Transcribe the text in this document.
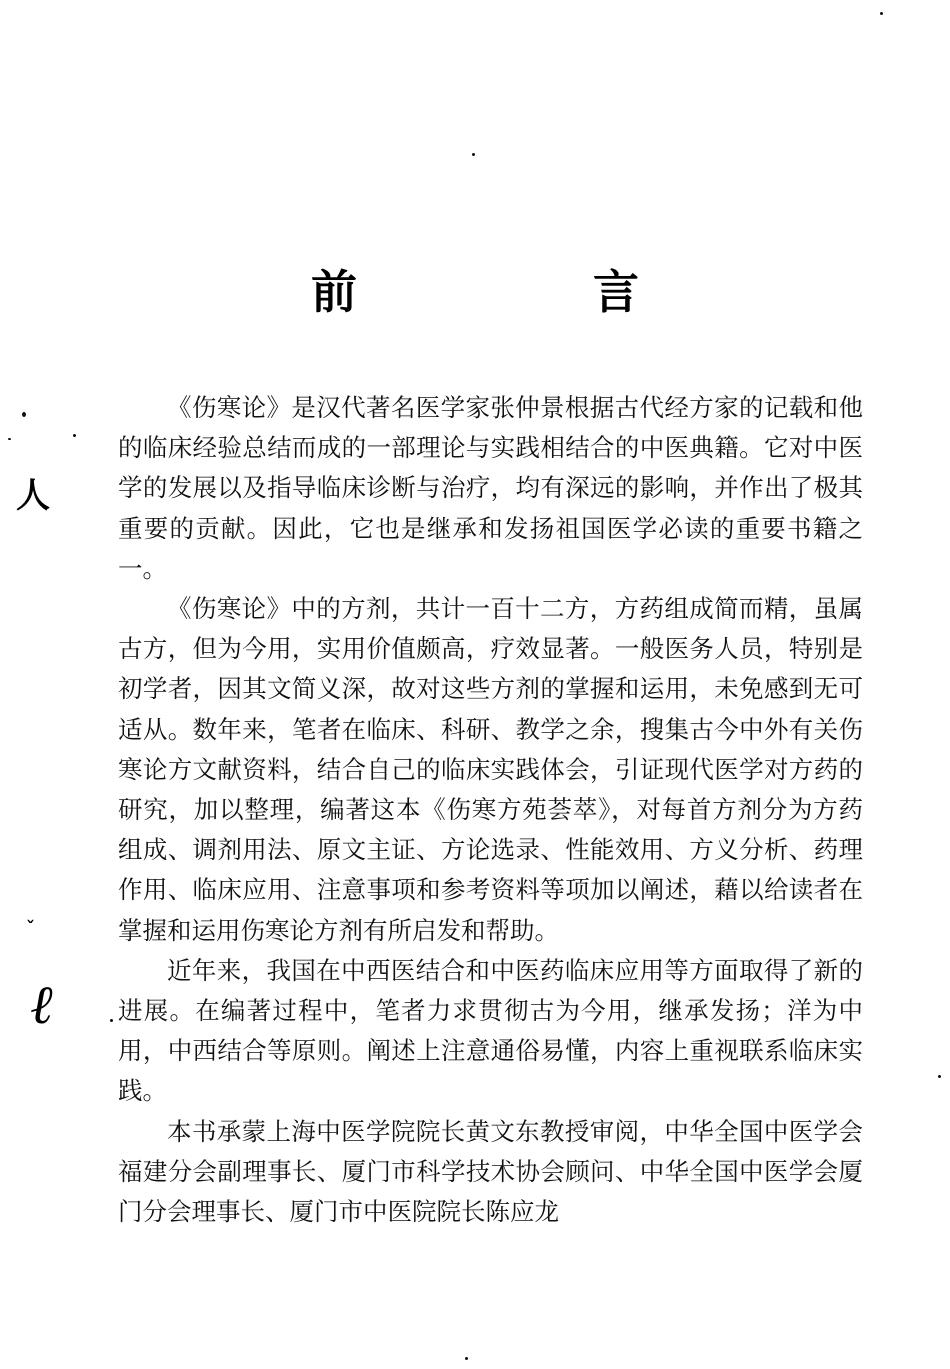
⼈
ˇ
ℓ
前 言

《伤寒论》是汉代著名医学家张仲景根据古代经方家的记载和他的临床经验总结而成的一部理论与实践相结合的中医典籍。它对中医学的发展以及指导临床诊断与治疗，均有深远的影响，并作出了极其重要的贡献。因此，它也是继承和发扬祖国医学必读的重要书籍之一。

《伤寒论》中的方剂，共计一百十二方，方药组成简而精，虽属古方，但为今用，实用价值颇高，疗效显著。一般医务人员，特别是初学者，因其文简义深，故对这些方剂的掌握和运用，未免感到无可适从。数年来，笔者在临床、科研、教学之余，搜集古今中外有关伤寒论方文献资料，结合自己的临床实践体会，引证现代医学对方药的研究，加以整理，编著这本《伤寒方苑荟萃》，对每首方剂分为方药组成、调剂用法、原文主证、方论选录、性能效用、方义分析、药理作用、临床应用、注意事项和参考资料等项加以阐述，藉以给读者在掌握和运用伤寒论方剂有所启发和帮助。

近年来，我国在中西医结合和中医药临床应用等方面取得了新的进展。在编著过程中，笔者力求贯彻古为今用，继承发扬；洋为中用，中西结合等原则。阐述上注意通俗易懂，内容上重视联系临床实践。

本书承蒙上海中医学院院长黄文东教授审阅，中华全国中医学会福建分会副理事长、厦门市科学技术协会顾问、中华全国中医学会厦门分会理事长、厦门市中医院院长陈应龙
